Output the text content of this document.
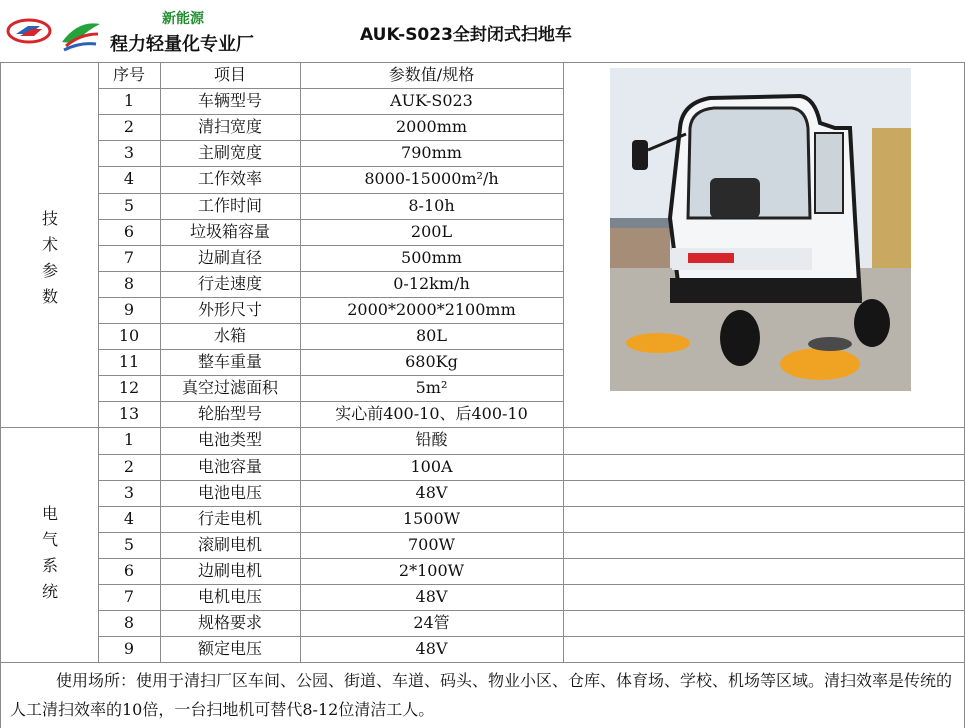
新能源
程力轻量化专业厂	AUK-S023全封闭式扫地车
序号	项目	参数值/规格
1	车辆型号	AUK-S023
2	清扫宽度	2000mm
3	主刷宽度	790mm
4	工作效率	8000-15000m²/h
5	工作时间	8-10h
6	垃圾箱容量	200L
7	边刷直径	500mm
8	行走速度	0-12km/h
9	外形尺寸	2000*2000*2100mm
10	水箱	80L
11	整车重量	680Kg
12	真空过滤面积	5m²
13	轮胎型号	实心前400-10、后400-10
技
术
参
数
1	电池类型	铅酸
2	电池容量	100A
3	电池电压	48V
4	行走电机	1500W
5	滚刷电机	700W
6	边刷电机	2*100W
7	电机电压	48V
8	规格要求	24管
9	额定电压	48V
电
气
系
统
使用场所：使用于清扫厂区车间、公园、街道、车道、码头、物业小区、仓库、体育场、学校、机场等区域。清扫效率是传统的人工清扫效率的10倍，一台扫地机可替代8-12位清洁工人。
